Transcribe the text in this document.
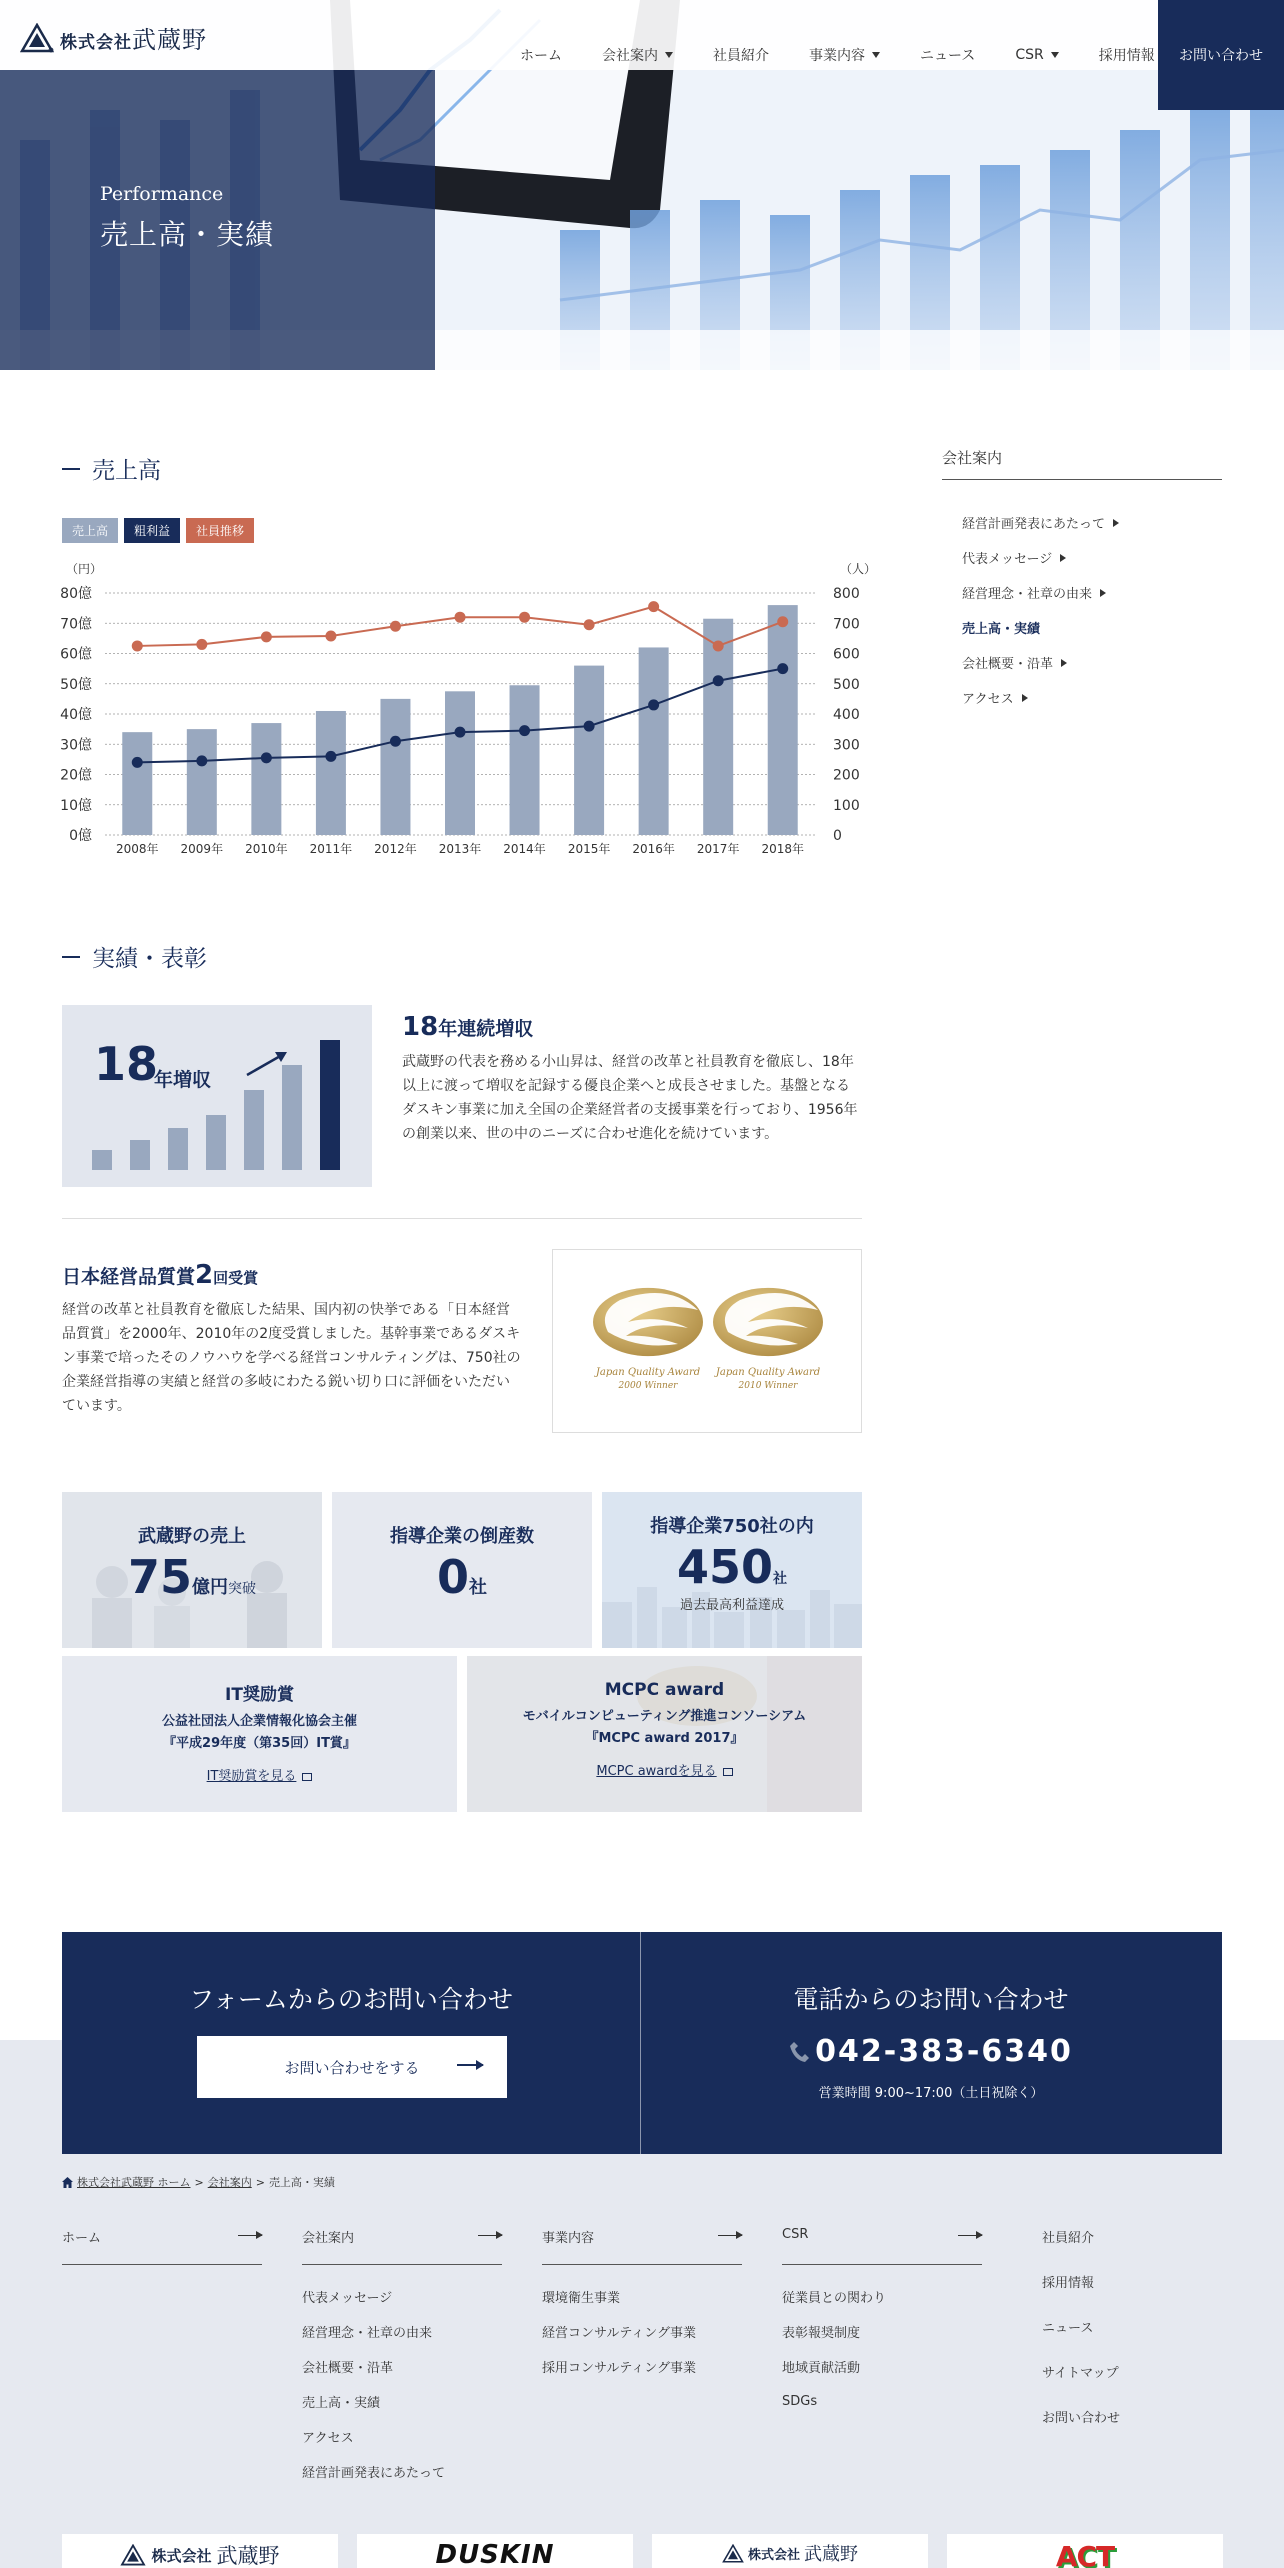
Performance
売上高・実績
株式会社武蔵野
ホーム	会社案内	社員紹介	事業内容	ニュース	CSR	採用情報 お問い合わせ
売上高
売上高	粗利益	社員推移
（円）	（人）
0億
10億
20億
30億
40億
50億
60億
70億
80億
0
100
200
300
400
500
600
700
800
2008年 2009年 2010年 2011年 2012年 2013年 2014年 2015年 2016年 2017年 2018年
会社案内
経営計画発表にあたって
代表メッセージ
経営理念・社章の由来
売上高・実績
会社概要・沿革
アクセス
実績・表彰
18
年増収
18年連続増収
武蔵野の代表を務める小山昇は、経営の改革と社員教育を徹底し、18年以上に渡って増収を記録する優良企業へと成長させました。基盤となるダスキン事業に加え全国の企業経営者の支援事業を行っており、1956年の創業以来、世の中のニーズに合わせ進化を続けています。
日本経営品質賞2回受賞
経営の改革と社員教育を徹底した結果、国内初の快挙である「日本経営品質賞」を2000年、2010年の2度受賞しました。基幹事業であるダスキン事業で培ったそのノウハウを学べる経営コンサルティングは、750社の企業経営指導の実績と経営の多岐にわたる鋭い切り口に評価をいただいています。
Japan Quality Award
2000 Winner
Japan Quality Award
2010 Winner
武蔵野の売上
75億円突破
指導企業の倒産数
0社
指導企業750社の内
450社
過去最高利益達成
IT奨励賞
公益社団法人企業情報化協会主催
『平成29年度（第35回）IT賞』
IT奨励賞を見る
MCPC award
モバイルコンピューティング推進コンソーシアム
『MCPC award 2017』
MCPC awardを見る
フォームからのお問い合わせ
お問い合わせをする
電話からのお問い合わせ
042-383-6340
営業時間 9:00~17:00（土日祝除く）
株式会社武蔵野 ホーム > 会社案内 > 売上高・実績
ホーム	会社案内
代表メッセージ
経営理念・社章の由来
会社概要・沿革
売上高・実績
アクセス
経営計画発表にあたって
事業内容
環境衛生事業
経営コンサルティング事業
採用コンサルティング事業
CSR
従業員との関わり
表彰報奨制度
地域貢献活動
SDGs
社員紹介
採用情報
ニュース
サイトマップ
お問い合わせ
株式会社 武蔵野	DUSKIN	株式会社 武蔵野	ACT
